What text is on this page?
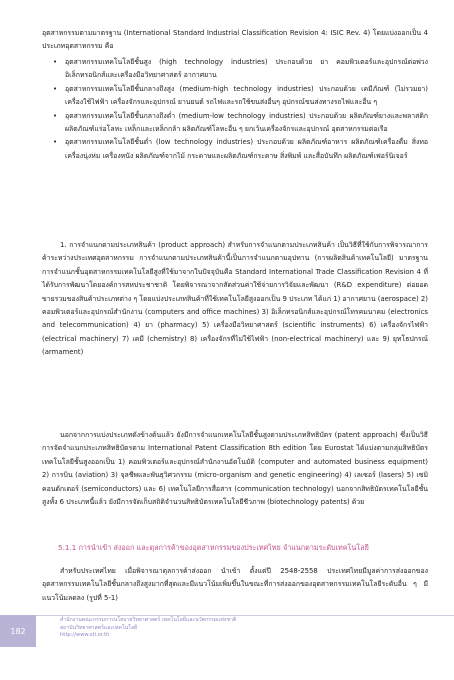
อุตสาหกรรมตามมาตรฐาน (International Standard Industrial Classification Revision 4: ISIC Rev. 4) โดยแบ่งออกเป็น 4 ประเภทอุตสาหกรรม คือ

• อุตสาหกรรมเทคโนโลยีชั้นสูง (high technology industries) ประกอบด้วย ยา คอมพิวเตอร์และอุปกรณ์ต่อพ่วง อิเล็กทรอนิกส์และเครื่องมือวิทยาศาสตร์ อากาศยาน
• อุตสาหกรรมเทคโนโลยีชั้นกลางถึงสูง (medium-high technology industries) ประกอบด้วย เคมีภัณฑ์ (ไม่รวมยา) เครื่องใช้ไฟฟ้า เครื่องจักรและอุปกรณ์ ยานยนต์ รถไฟและรถใช้ขนส่งอื่นๆ อุปกรณ์ขนส่งทางรถไฟและอื่น ๆ
• อุตสาหกรรมเทคโนโลยีชั้นกลางถึงต่ำ (medium-low technology industries) ประกอบด้วย ผลิตภัณฑ์ยางและพลาสติก ผลิตภัณฑ์แร่อโลหะ เหล็กและเหล็กกล้า ผลิตภัณฑ์โลหะอื่น ๆ ยกเว้นเครื่องจักรและอุปกรณ์ อุตสาหกรรมต่อเรือ
• อุตสาหกรรมเทคโนโลยีชั้นต่ำ (low technology industries) ประกอบด้วย ผลิตภัณฑ์อาหาร ผลิตภัณฑ์เครื่องดื่ม สิ่งทอ เครื่องนุ่งห่ม เครื่องหนัง ผลิตภัณฑ์จากไม้ กระดาษและผลิตภัณฑ์กระดาษ สิ่งพิมพ์ และสื่อบันทึก ผลิตภัณฑ์เฟอร์นิเจอร์

1. การจำแนกตามประเภทสินค้า (product approach) สำหรับการจำแนกตามประเภทสินค้า เป็นวิธีที่ใช้กับการพิจารณาการค้าระหว่างประเทศอุตสาหกรรม การจำแนกตามประเภทสินค้านี้เป็นการจำแนกตามอุปทาน (การผลิตสินค้าเทคโนโลยี) มาตรฐานการจำแนกชั้นอุตสาหกรรมเทคโนโลยีสูงที่ใช้มาจากในปัจจุบันคือ Standard International Trade Classification Revision 4 ที่ได้รับการพัฒนาโดยองค์การสหประชาชาติ โดยพิจารณาจากสัดส่วนค่าใช้จ่ายการวิจัยและพัฒนา (R&D expenditure) ต่อยอดขายรวมของสินค้าประเภทต่าง ๆ โดยแบ่งประเภทสินค้าที่ใช้เทคโนโลยีสูงออกเป็น 9 ประเภท ได้แก่ 1) อากาศยาน (aerospace) 2) คอมพิวเตอร์และอุปกรณ์สำนักงาน (computers and office machines) 3) อิเล็กทรอนิกส์และอุปกรณ์โทรคมนาคม (electronics and telecommunication) 4) ยา (pharmacy) 5) เครื่องมือวิทยาศาสตร์ (scientific instruments) 6) เครื่องจักรไฟฟ้า (electrical machinery) 7) เคมี (chemistry) 8) เครื่องจักรที่ไม่ใช้ไฟฟ้า (non-electrical machinery) และ 9) ยุทโธปกรณ์ (armament)

นอกจากการแบ่งประเภทดังข้างต้นแล้ว ยังมีการจำแนกเทคโนโลยีชั้นสูงตามประเภทสิทธิบัตร (patent approach) ซึ่งเป็นวิธีการจัดจำแนกประเภทสิทธิบัตรตาม International Patent Classification 8th edition โดย Eurostat ได้แบ่งตามกลุ่มสิทธิบัตรเทคโนโลยีชั้นสูงออกเป็น 1) คอมพิวเตอร์และอุปกรณ์สำนักงานอัตโนมัติ (computer and automated business equipment) 2) การบิน (aviation) 3) จุลชีพและพันธุวิศวกรรม (micro-organism and genetic engineering) 4) เลเซอร์ (lasers) 5) เซมิคอนดักเตอร์ (semiconductors) และ 6) เทคโนโลยีการสื่อสาร (communication technology) นอกจากสิทธิบัตรเทคโนโลยีชั้นสูงทั้ง 6 ประเภทนี้แล้ว ยังมีการจัดเก็บสถิติจำนวนสิทธิบัตรเทคโนโลยีชีวภาพ (biotechnology patents) ด้วย

5.1.1 การนำเข้า ส่งออก และดุลการค้าของอุตสาหกรรมของประเทศไทย จำแนกตามระดับเทคโนโลยี

สำหรับประเทศไทย เมื่อพิจารณาดุลการค้าส่งออก นำเข้า ตั้งแต่ปี 2548-2558 ประเทศไทยมีมูลค่าการส่งออกของอุตสาหกรรมเทคโนโลยีชั้นกลางถึงสูงมากที่สุดและมีแนวโน้มเพิ่มขึ้นในขณะที่การส่งออกของอุตสาหกรรมเทคโนโลยีระดับอื่น ๆ มีแนวโน้มลดลง (รูปที่ 5-1)

182
สำนักงานคณะกรรมการนโยบายวิทยาศาสตร์ เทคโนโลยีและนวัตกรรมแห่งชาติ
สถาบันวิทยาศาสตร์และเทคโนโลยี
http://www.sti.or.th
